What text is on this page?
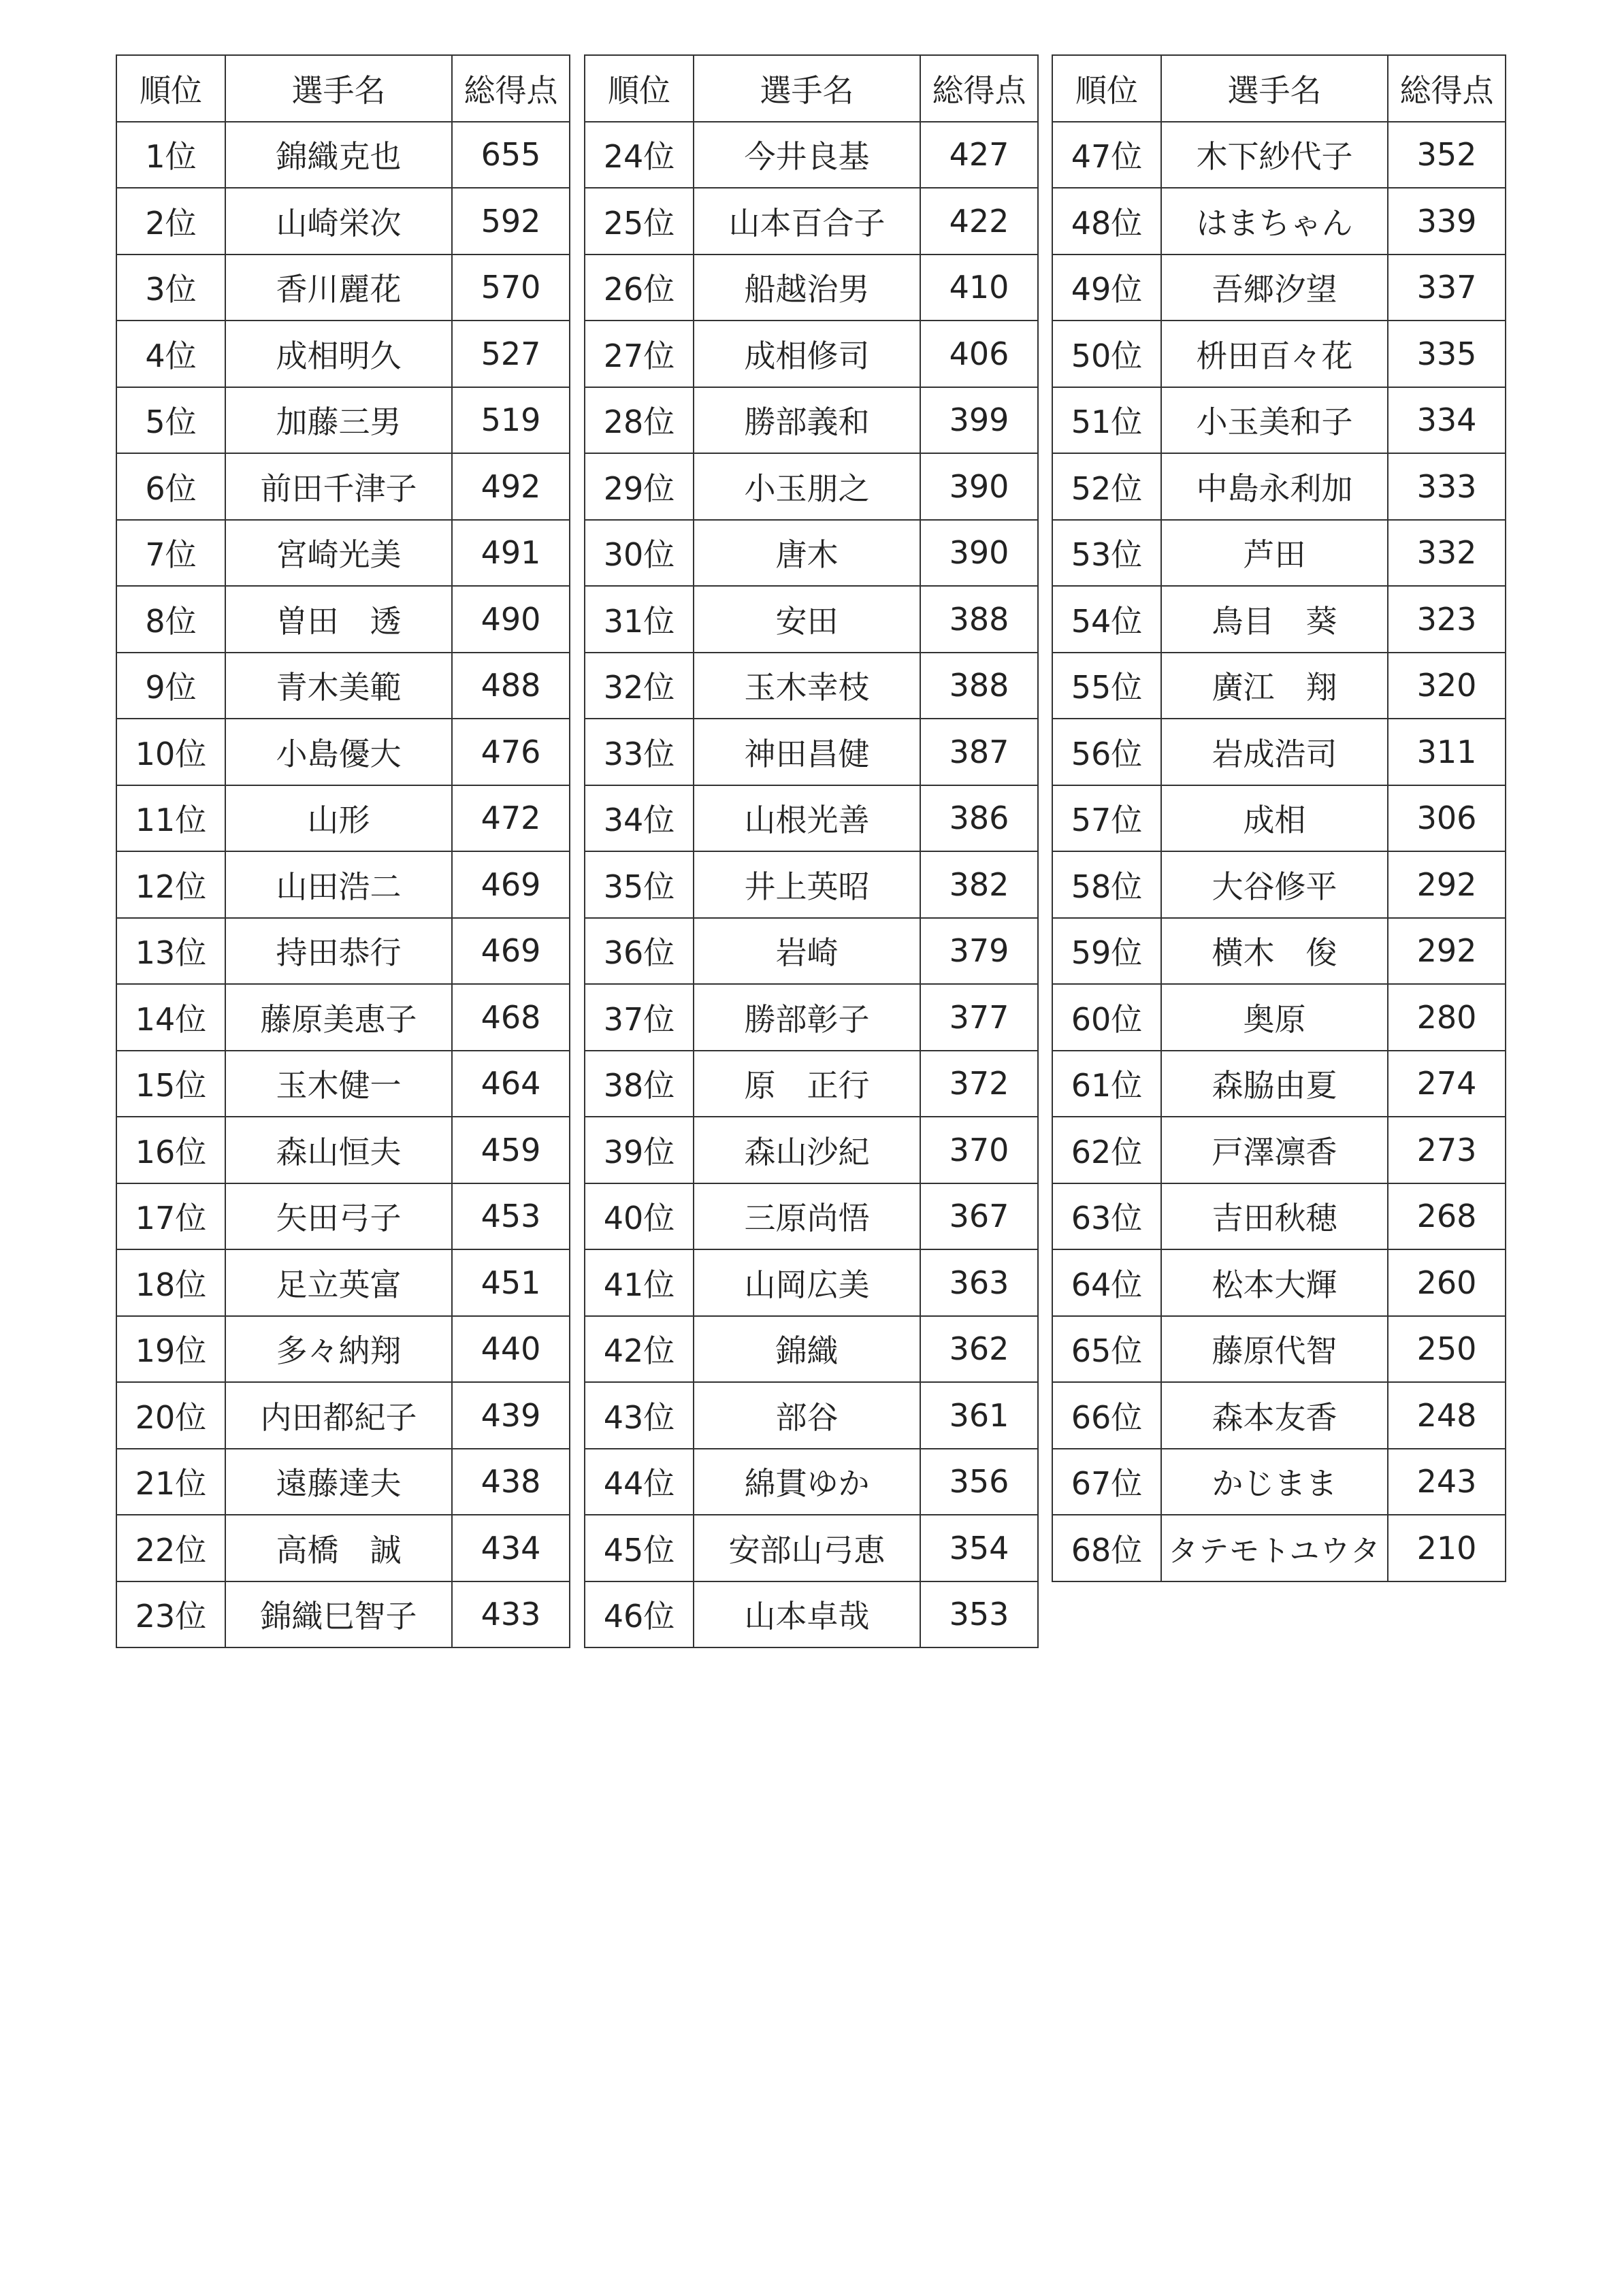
順位	選手名	総得点
1位	錦織克也	655
2位	山崎栄次	592
3位	香川麗花	570
4位	成相明久	527
5位	加藤三男	519
6位	前田千津子	492
7位	宮崎光美	491
8位	曽田　透	490
9位	青木美範	488
10位	小島優大	476
11位	山形	472
12位	山田浩二	469
13位	持田恭行	469
14位	藤原美恵子	468
15位	玉木健一	464
16位	森山恒夫	459
17位	矢田弓子	453
18位	足立英富	451
19位	多々納翔	440
20位	内田都紀子	439
21位	遠藤達夫	438
22位	高橋　誠	434
23位	錦織巳智子	433
順位	選手名	総得点
24位	今井良基	427
25位	山本百合子	422
26位	船越治男	410
27位	成相修司	406
28位	勝部義和	399
29位	小玉朋之	390
30位	唐木	390
31位	安田	388
32位	玉木幸枝	388
33位	神田昌健	387
34位	山根光善	386
35位	井上英昭	382
36位	岩崎	379
37位	勝部彰子	377
38位	原　正行	372
39位	森山沙紀	370
40位	三原尚悟	367
41位	山岡広美	363
42位	錦織	362
43位	部谷	361
44位	綿貫ゆか	356
45位	安部山弓恵	354
46位	山本卓哉	353
順位	選手名	総得点
47位	木下紗代子	352
48位	はまちゃん	339
49位	吾郷汐望	337
50位	枡田百々花	335
51位	小玉美和子	334
52位	中島永利加	333
53位	芦田	332
54位	鳥目　葵	323
55位	廣江　翔	320
56位	岩成浩司	311
57位	成相	306
58位	大谷修平	292
59位	横木　俊	292
60位	奥原	280
61位	森脇由夏	274
62位	戸澤凛香	273
63位	吉田秋穂	268
64位	松本大輝	260
65位	藤原代智	250
66位	森本友香	248
67位	かじまま	243
68位	タテモトユウタ	210
